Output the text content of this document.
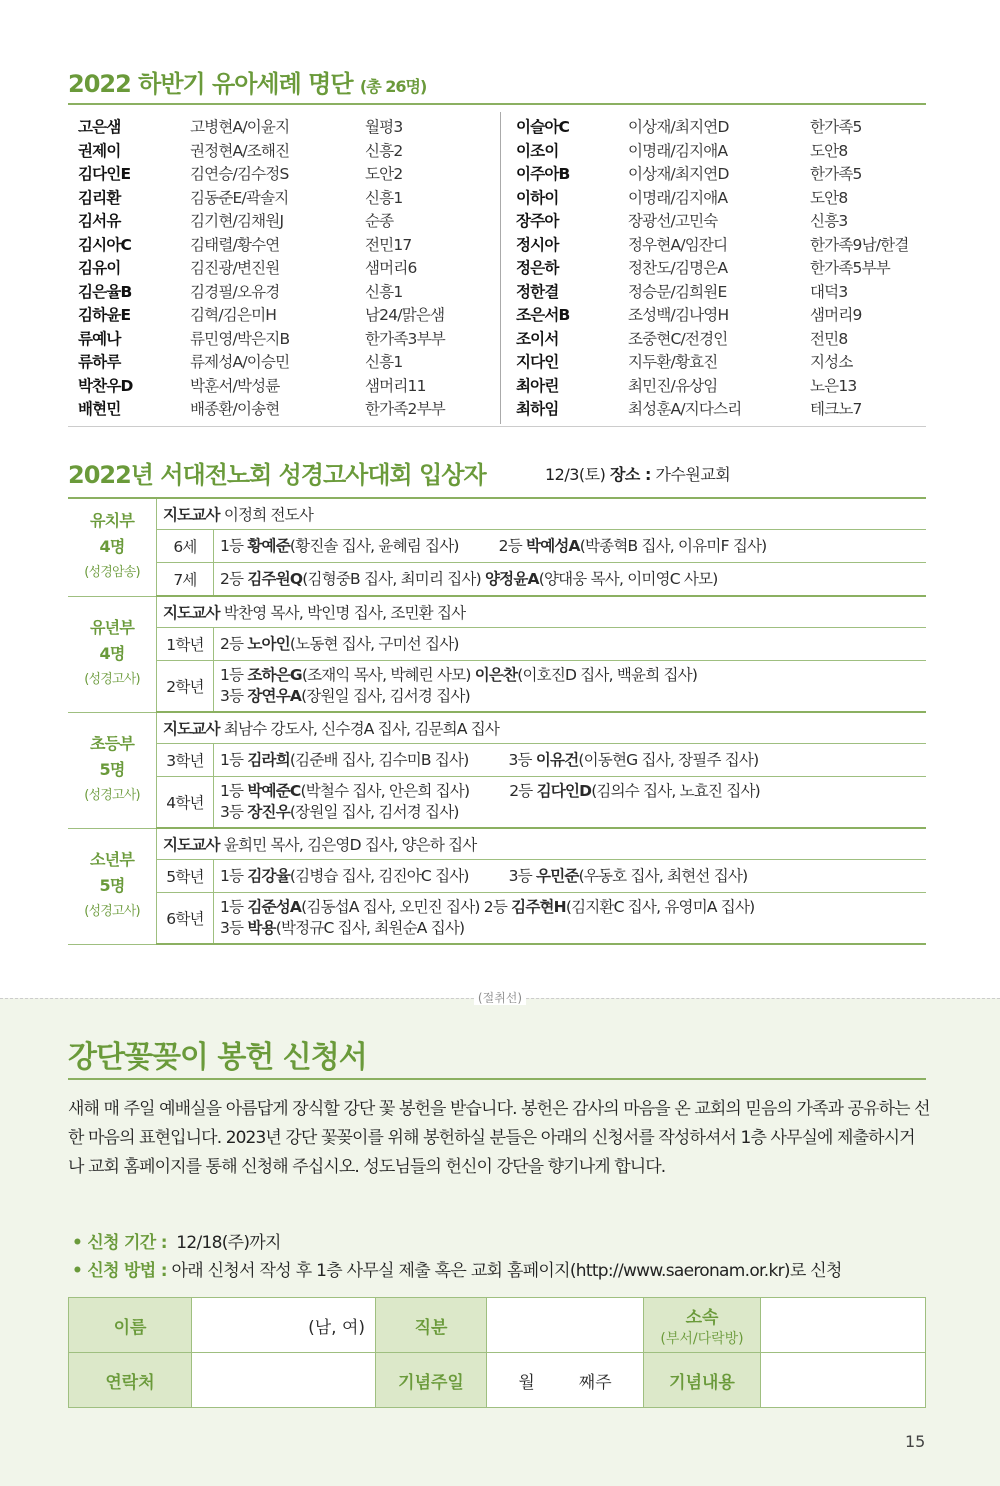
2022 하반기 유아세례 명단 (총 26명)
고은샘	고병현A/이윤지	월평3
권제이	권정현A/조해진	신흥2
김다인E	김연승/김수정S	도안2
김리환	김동준E/곽솔지	신흥1
김서유	김기현/김채원J	순종
김시아C	김태렬/황수연	전민17
김유이	김진광/변진원	샘머리6
김은율B	김경필/오유경	신흥1
김하윤E	김혁/김은미H	남24/맑은샘
류예나	류민영/박은지B	한가족3부부
류하루	류제성A/이승민	신흥1
박찬우D	박훈서/박성륜	샘머리11
배현민	배종환/이송현	한가족2부부
이슬아C	이상재/최지연D	한가족5
이조이	이명래/김지애A	도안8
이주아B	이상재/최지연D	한가족5
이하이	이명래/김지애A	도안8
장주아	장광선/고민숙	신흥3
정시아	정우현A/임잔디	한가족9남/한결
정은하	정찬도/김명은A	한가족5부부
정한결	정승문/김희원E	대덕3
조은서B	조성백/김나영H	샘머리9
조이서	조중현C/전경인	전민8
지다인	지두환/황효진	지성소
최아린	최민진/유상임	노은13
최하임	최성훈A/지다스리	테크노7
2022년 서대전노회 성경고사대회 입상자	12/3(토) 장소 : 가수원교회
유치부
4명
(성경암송)	지도교사 이정희 전도사	
	6세	1등 황예준(황진솔 집사, 윤혜림 집사) 2등 박예성A(박종혁B 집사, 이유미F 집사)

	7세	2등 김주원Q(김형중B 집사, 최미리 집사) 양정윤A(양대웅 목사, 이미영C 사모)

유년부
4명
(성경고사)	지도교사 박찬영 목사, 박인명 집사, 조민환 집사	
	1학년	2등 노아인(노동현 집사, 구미선 집사)

	2학년	1등 조하은G(조재익 목사, 박혜린 사모) 이은찬(이호진D 집사, 백윤희 집사)
3등 장연우A(장원일 집사, 김서경 집사)

초등부
5명
(성경고사)	지도교사 최남수 강도사, 신수경A 집사, 김문희A 집사	
	3학년	1등 김라희(김준배 집사, 김수미B 집사) 3등 이유건(이동현G 집사, 장필주 집사)

	4학년	1등 박예준C(박철수 집사, 안은희 집사) 2등 김다인D(김의수 집사, 노효진 집사)
3등 장진우(장원일 집사, 김서경 집사)

소년부
5명
(성경고사)	지도교사 윤희민 목사, 김은영D 집사, 양은하 집사	
	5학년	1등 김강율(김병습 집사, 김진아C 집사) 3등 우민준(우동호 집사, 최현선 집사)

	6학년	1등 김준성A(김동섭A 집사, 오민진 집사) 2등 김주현H(김지환C 집사, 유영미A 집사)
3등 박용(박정규C 집사, 최원순A 집사)
(절취선)
강단꽃꽂이 봉헌 신청서
새해 매 주일 예배실을 아름답게 장식할 강단 꽃 봉헌을 받습니다. 봉헌은 감사의 마음을 온 교회의 믿음의 가족과 공유하는 선한 마음의 표현입니다. 2023년 강단 꽃꽂이를 위해 봉헌하실 분들은 아래의 신청서를 작성하셔서 1층 사무실에 제출하시거나 교회 홈페이지를 통해 신청해 주십시오. 성도님들의 헌신이 강단을 향기나게 합니다.
• 신청 기간 : 12/18(주)까지
• 신청 방법 : 아래 신청서 작성 후 1층 사무실 제출 혹은 교회 홈페이지(http://www.saeronam.or.kr)로 신청
이름	(남, 여)	직분		소속
(부서/다락방)	

연락처		기념주일	월 째주	기념내용	
15
